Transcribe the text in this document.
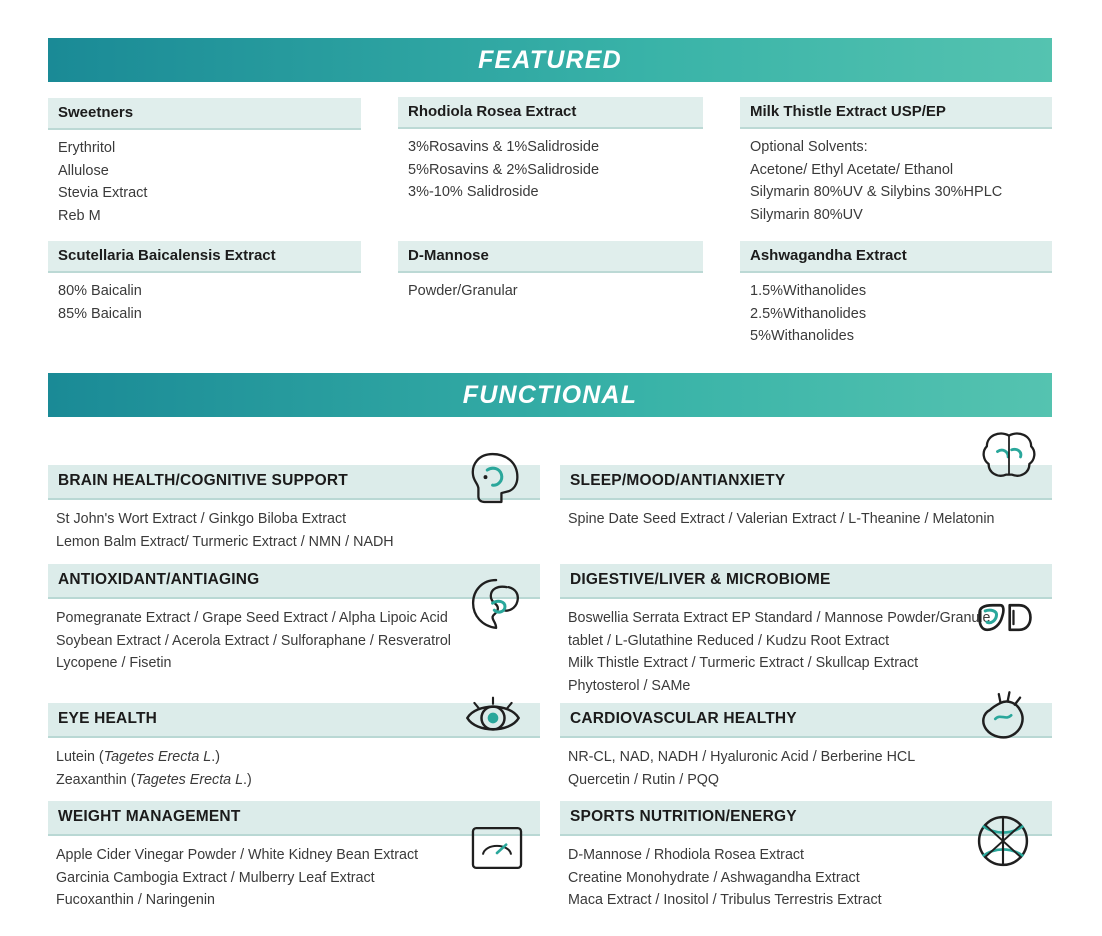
FEATURED
Sweetners
Erythritol
Allulose
Stevia Extract
Reb M
Scutellaria Baicalensis Extract
80% Baicalin
85% Baicalin
Rhodiola Rosea Extract
3%Rosavins & 1%Salidroside
5%Rosavins & 2%Salidroside
3%-10% Salidroside
D-Mannose
Powder/Granular
Milk Thistle Extract USP/EP
Optional Solvents:
Acetone/ Ethyl Acetate/ Ethanol
Silymarin 80%UV & Silybins 30%HPLC
Silymarin 80%UV
Ashwagandha Extract
1.5%Withanolides
2.5%Withanolides
5%Withanolides
FUNCTIONAL
BRAIN HEALTH/COGNITIVE SUPPORT
St John's Wort Extract / Ginkgo Biloba Extract
Lemon Balm Extract/ Turmeric Extract / NMN / NADH
ANTIOXIDANT/ANTIAGING
Pomegranate Extract / Grape Seed Extract / Alpha Lipoic Acid
Soybean Extract / Acerola Extract / Sulforaphane / Resveratrol
Lycopene / Fisetin
EYE HEALTH
Lutein (Tagetes Erecta L.)
Zeaxanthin (Tagetes Erecta L.)
WEIGHT MANAGEMENT
Apple Cider Vinegar Powder / White Kidney Bean Extract
Garcinia Cambogia Extract / Mulberry Leaf Extract
Fucoxanthin / Naringenin
SLEEP/MOOD/ANTIANXIETY
Spine Date Seed Extract / Valerian Extract / L-Theanine / Melatonin
DIGESTIVE/LIVER & MICROBIOME
Boswellia Serrata Extract EP Standard / Mannose Powder/Granule
tablet / L-Glutathine Reduced / Kudzu Root Extract
Milk Thistle Extract / Turmeric Extract / Skullcap Extract
Phytosterol / SAMe
CARDIOVASCULAR HEALTHY
NR-CL, NAD, NADH / Hyaluronic Acid / Berberine HCL
Quercetin / Rutin / PQQ
SPORTS NUTRITION/ENERGY
D-Mannose / Rhodiola Rosea Extract
Creatine Monohydrate / Ashwagandha Extract
Maca Extract / Inositol / Tribulus Terrestris Extract
